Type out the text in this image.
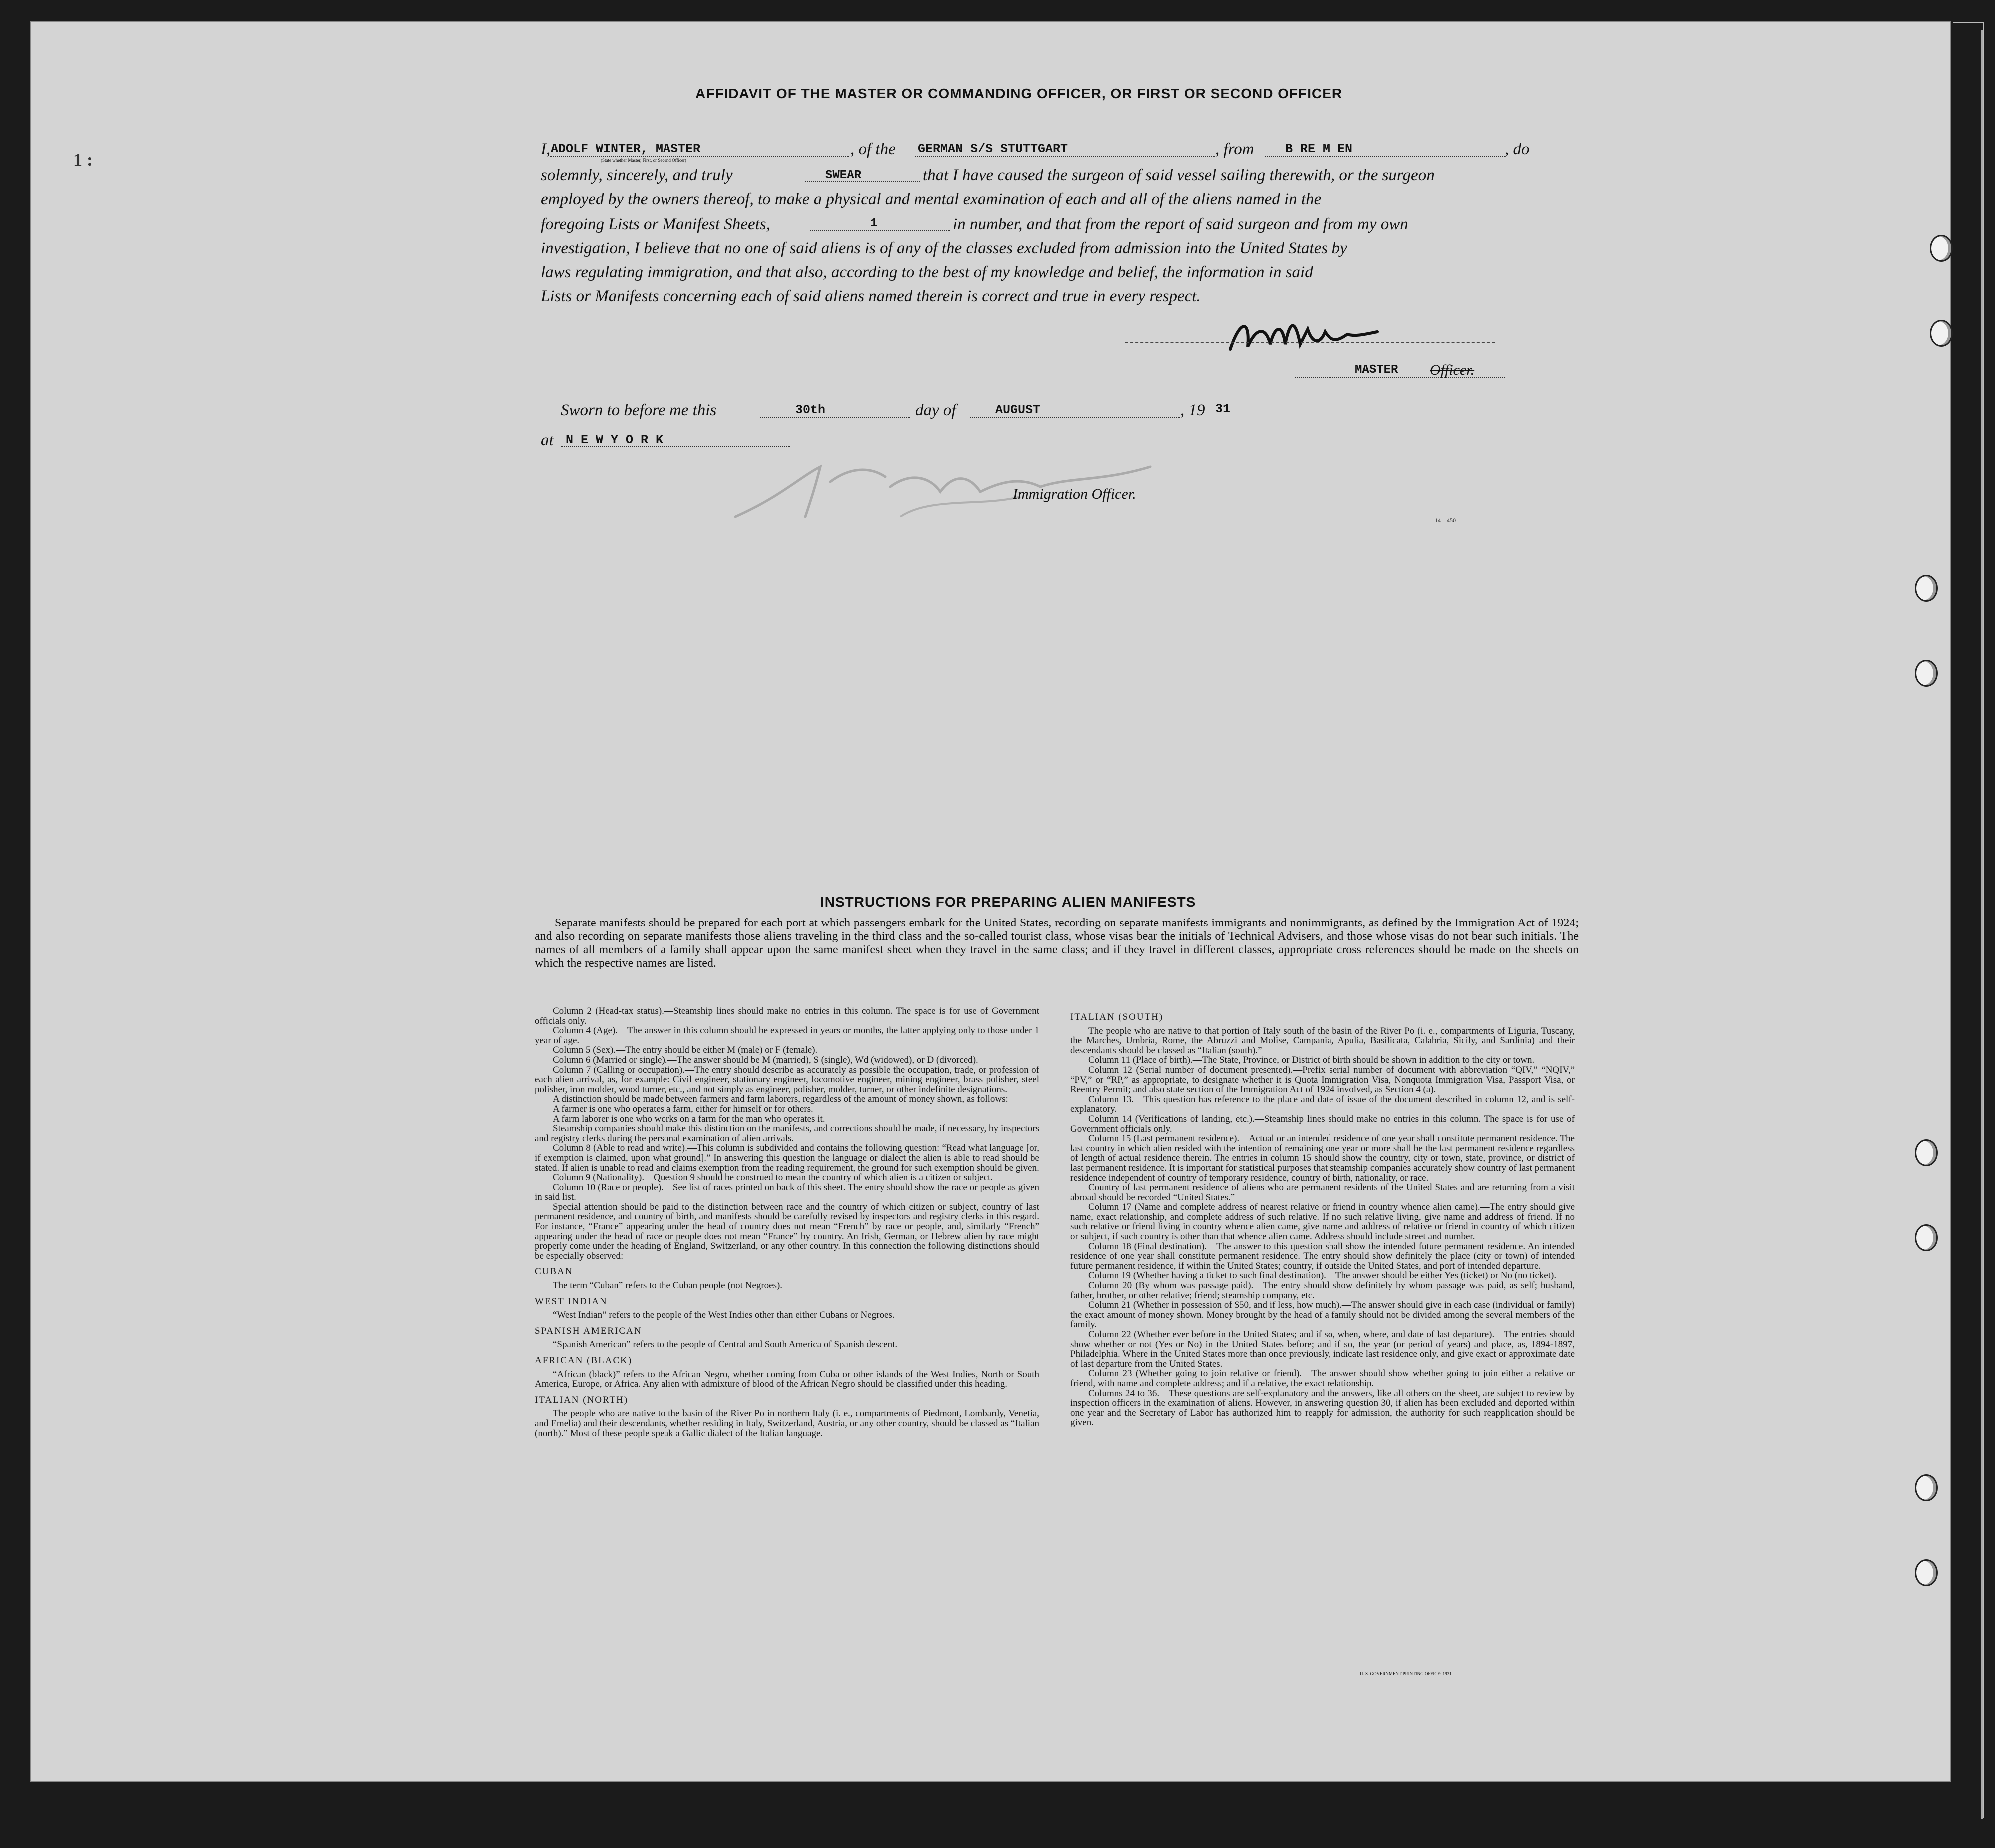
AFFIDAVIT OF THE MASTER OR COMMANDING OFFICER, OR FIRST OR SECOND OFFICER
1 :
I, ADOLF WINTER, MASTER
(State whether Master, First, or Second Officer)
, of the GERMAN S/S STUTTGART	, from B RE M EN	, do
solemnly, sincerely, and truly	SWEAR	that I have caused the surgeon of said vessel sailing therewith, or the surgeon
employed by the owners thereof, to make a physical and mental examination of each and all of the aliens named in the
foregoing Lists or Manifest Sheets,	1	in number, and that from the report of said surgeon and from my own
investigation, I believe that no one of said aliens is of any of the classes excluded from admission into the United States by
laws regulating immigration, and that also, according to the best of my knowledge and belief, the information in said
Lists or Manifests concerning each of said aliens named therein is correct and true in every respect.
MASTER Officer.
Sworn to before me this	30th	day of	AUGUST	, 19 31
at N E W Y O R K
Immigration Officer.
14—450
INSTRUCTIONS FOR PREPARING ALIEN MANIFESTS
Separate manifests should be prepared for each port at which passengers embark for the United States, recording on separate manifests immigrants and nonimmigrants, as defined by the Immigration Act of 1924; and also recording on separate manifests those aliens traveling in the third class and the so-called tourist class, whose visas bear the initials of Technical Advisers, and those whose visas do not bear such initials. The names of all members of a family shall appear upon the same manifest sheet when they travel in the same class; and if they travel in different classes, appropriate cross references should be made on the sheets on which the respective names are listed.

Column 2 (Head-tax status).—Steamship lines should make no entries in this column. The space is for use of Government officials only.

Column 4 (Age).—The answer in this column should be expressed in years or months, the latter applying only to those under 1 year of age.

Column 5 (Sex).—The entry should be either M (male) or F (female).

Column 6 (Married or single).—The answer should be M (married), S (single), Wd (widowed), or D (divorced).

Column 7 (Calling or occupation).—The entry should describe as accurately as possible the occupation, trade, or profession of each alien arrival, as, for example: Civil engineer, stationary engineer, locomotive engineer, mining engineer, brass polisher, steel polisher, iron molder, wood turner, etc., and not simply as engineer, polisher, molder, turner, or other indefinite designations.

A distinction should be made between farmers and farm laborers, regardless of the amount of money shown, as follows:

A farmer is one who operates a farm, either for himself or for others.

A farm laborer is one who works on a farm for the man who operates it.

Steamship companies should make this distinction on the manifests, and corrections should be made, if necessary, by inspectors and registry clerks during the personal examination of alien arrivals.

Column 8 (Able to read and write).—This column is subdivided and contains the following question: “Read what language [or, if exemption is claimed, upon what ground].” In answering this question the language or dialect the alien is able to read should be stated. If alien is unable to read and claims exemption from the reading requirement, the ground for such exemption should be given.

Column 9 (Nationality).—Question 9 should be construed to mean the country of which alien is a citizen or subject.

Column 10 (Race or people).—See list of races printed on back of this sheet. The entry should show the race or people as given in said list.

Special attention should be paid to the distinction between race and the country of which citizen or subject, country of last permanent residence, and country of birth, and manifests should be carefully revised by inspectors and registry clerks in this regard. For instance, “France” appearing under the head of country does not mean “French” by race or people, and, similarly “French” appearing under the head of race or people does not mean “France” by country. An Irish, German, or Hebrew alien by race might properly come under the heading of England, Switzerland, or any other country. In this connection the following distinctions should be especially observed:

CUBAN

The term “Cuban” refers to the Cuban people (not Negroes).

WEST INDIAN

“West Indian” refers to the people of the West Indies other than either Cubans or Negroes.

SPANISH AMERICAN

“Spanish American” refers to the people of Central and South America of Spanish descent.

AFRICAN (BLACK)

“African (black)” refers to the African Negro, whether coming from Cuba or other islands of the West Indies, North or South America, Europe, or Africa. Any alien with admixture of blood of the African Negro should be classified under this heading.

ITALIAN (NORTH)

The people who are native to the basin of the River Po in northern Italy (i. e., compartments of Piedmont, Lombardy, Venetia, and Emelia) and their descendants, whether residing in Italy, Switzerland, Austria, or any other country, should be classed as “Italian (north).” Most of these people speak a Gallic dialect of the Italian language.

ITALIAN (SOUTH)

The people who are native to that portion of Italy south of the basin of the River Po (i. e., compartments of Liguria, Tuscany, the Marches, Umbria, Rome, the Abruzzi and Molise, Campania, Apulia, Basilicata, Calabria, Sicily, and Sardinia) and their descendants should be classed as “Italian (south).”

Column 11 (Place of birth).—The State, Province, or District of birth should be shown in addition to the city or town.

Column 12 (Serial number of document presented).—Prefix serial number of document with abbreviation “QIV,” “NQIV,” “PV,” or “RP,” as appropriate, to designate whether it is Quota Immigration Visa, Nonquota Immigration Visa, Passport Visa, or Reentry Permit; and also state section of the Immigration Act of 1924 involved, as Section 4 (a).

Column 13.—This question has reference to the place and date of issue of the document described in column 12, and is self-explanatory.

Column 14 (Verifications of landing, etc.).—Steamship lines should make no entries in this column. The space is for use of Government officials only.

Column 15 (Last permanent residence).—Actual or an intended residence of one year shall constitute permanent residence. The last country in which alien resided with the intention of remaining one year or more shall be the last permanent residence regardless of length of actual residence therein. The entries in column 15 should show the country, city or town, state, province, or district of last permanent residence. It is important for statistical purposes that steamship companies accurately show country of last permanent residence independent of country of temporary residence, country of birth, nationality, or race.

Country of last permanent residence of aliens who are permanent residents of the United States and are returning from a visit abroad should be recorded “United States.”

Column 17 (Name and complete address of nearest relative or friend in country whence alien came).—The entry should give name, exact relationship, and complete address of such relative. If no such relative living, give name and address of friend. If no such relative or friend living in country whence alien came, give name and address of relative or friend in country of which citizen or subject, if such country is other than that whence alien came. Address should include street and number.

Column 18 (Final destination).—The answer to this question shall show the intended future permanent residence. An intended residence of one year shall constitute permanent residence. The entry should show definitely the place (city or town) of intended future permanent residence, if within the United States; country, if outside the United States, and port of intended departure.

Column 19 (Whether having a ticket to such final destination).—The answer should be either Yes (ticket) or No (no ticket).

Column 20 (By whom was passage paid).—The entry should show definitely by whom passage was paid, as self; husband, father, brother, or other relative; friend; steamship company, etc.

Column 21 (Whether in possession of $50, and if less, how much).—The answer should give in each case (individual or family) the exact amount of money shown. Money brought by the head of a family should not be divided among the several members of the family.

Column 22 (Whether ever before in the United States; and if so, when, where, and date of last departure).—The entries should show whether or not (Yes or No) in the United States before; and if so, the year (or period of years) and place, as, 1894-1897, Philadelphia. Where in the United States more than once previously, indicate last residence only, and give exact or approximate date of last departure from the United States.

Column 23 (Whether going to join relative or friend).—The answer should show whether going to join either a relative or friend, with name and complete address; and if a relative, the exact relationship.

Columns 24 to 36.—These questions are self-explanatory and the answers, like all others on the sheet, are subject to review by inspection officers in the examination of aliens. However, in answering question 30, if alien has been excluded and deported within one year and the Secretary of Labor has authorized him to reapply for admission, the authority for such reapplication should be given.

U. S. GOVERNMENT PRINTING OFFICE: 1931
